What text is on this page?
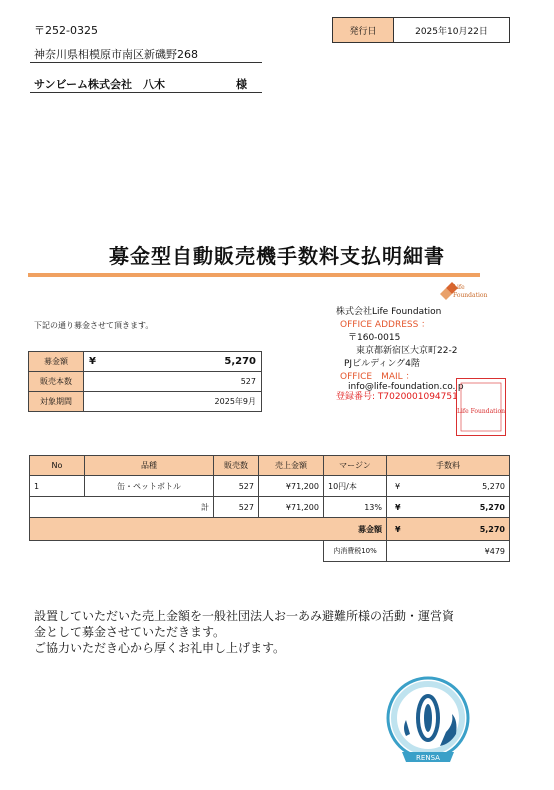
〒252-0325
神奈川県相模原市南区新磯野268
サンビーム株式会社　八木	様
発行日	2025年10月22日
募金型自動販売機手数料支払明細書
Life
Foundation
下記の通り募金させて頂きます。
株式会社Life Foundation
OFFICE ADDRESS ：
〒160-0015
東京都新宿区大京町22-2
PJビルディング4階
OFFICE　MAIL ：
info@life-foundation.co.jp
登録番号: T7020001094751
Life Foundation
募金額	¥ 5,270

販売本数	527
対象期間	2025年9月
No	品種	販売数	売上金額	マージン	手数料
1	缶・ペットボトル	527	¥71,200	10円/本	¥ 5,270

計		527	¥71,200	13%	¥ 5,270

募金額					¥ 5,270

				内消費税10%	¥479
設置していただいた売上金額を一般社団法人お一あみ避難所様の活動・運営資
金として募金させていただきます。
ご協力いただき心から厚くお礼申し上げます。
RENSA
